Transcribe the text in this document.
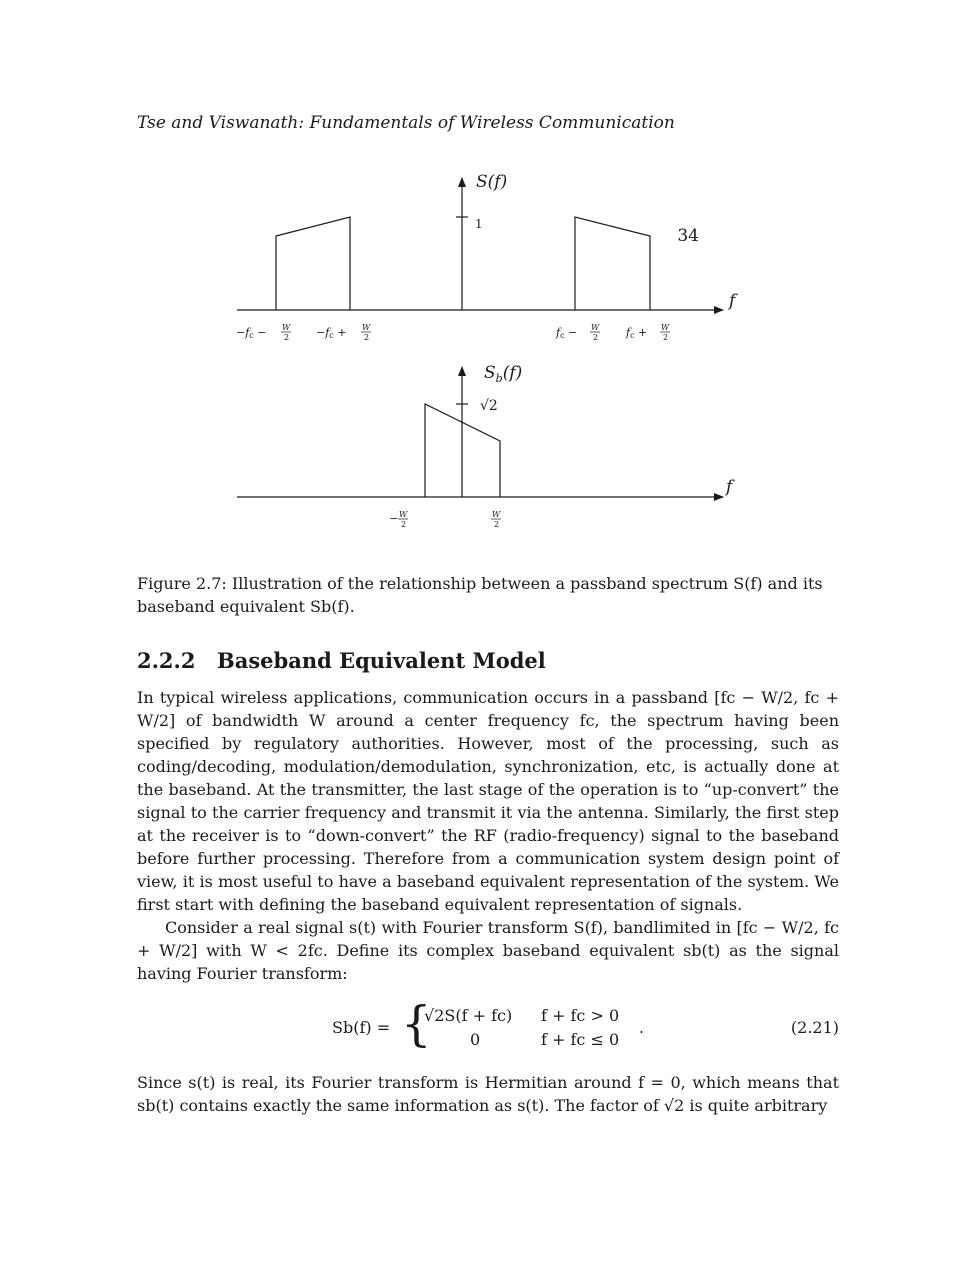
Tse and Viswanath: Fundamentals of Wireless Communication
34
S(f)
1
f
−fc − W
2 −fc + W
2	fc − W
2	fc + W
2
$S_b(f)$
√2
f
− W
2
W
2
Figure 2.7: Illustration of the relationship between a passband spectrum S(f) and its baseband equivalent Sb(f).
2.2.2 Baseband Equivalent Model
In typical wireless applications, communication occurs in a passband [fc − W/2, fc + W/2] of bandwidth W around a center frequency fc, the spectrum having been specified by regulatory authorities. However, most of the processing, such as coding/decoding, modulation/demodulation, synchronization, etc, is actually done at the baseband. At the transmitter, the last stage of the operation is to “up-convert” the signal to the carrier frequency and transmit it via the antenna. Similarly, the first step at the receiver is to “down-convert” the RF (radio-frequency) signal to the baseband before further processing. Therefore from a communication system design point of view, it is most useful to have a baseband equivalent representation of the system. We first start with defining the baseband equivalent representation of signals.
Consider a real signal s(t) with Fourier transform S(f), bandlimited in [fc − W/2, fc + W/2] with W < 2fc. Define its complex baseband equivalent sb(t) as the signal having Fourier transform:
Sb(f) = {
√2S(f + fc) f + fc > 0
0	f + fc ≤ 0
.	(2.21)
Since s(t) is real, its Fourier transform is Hermitian around f = 0, which means that sb(t) contains exactly the same information as s(t). The factor of √2 is quite arbitrary
